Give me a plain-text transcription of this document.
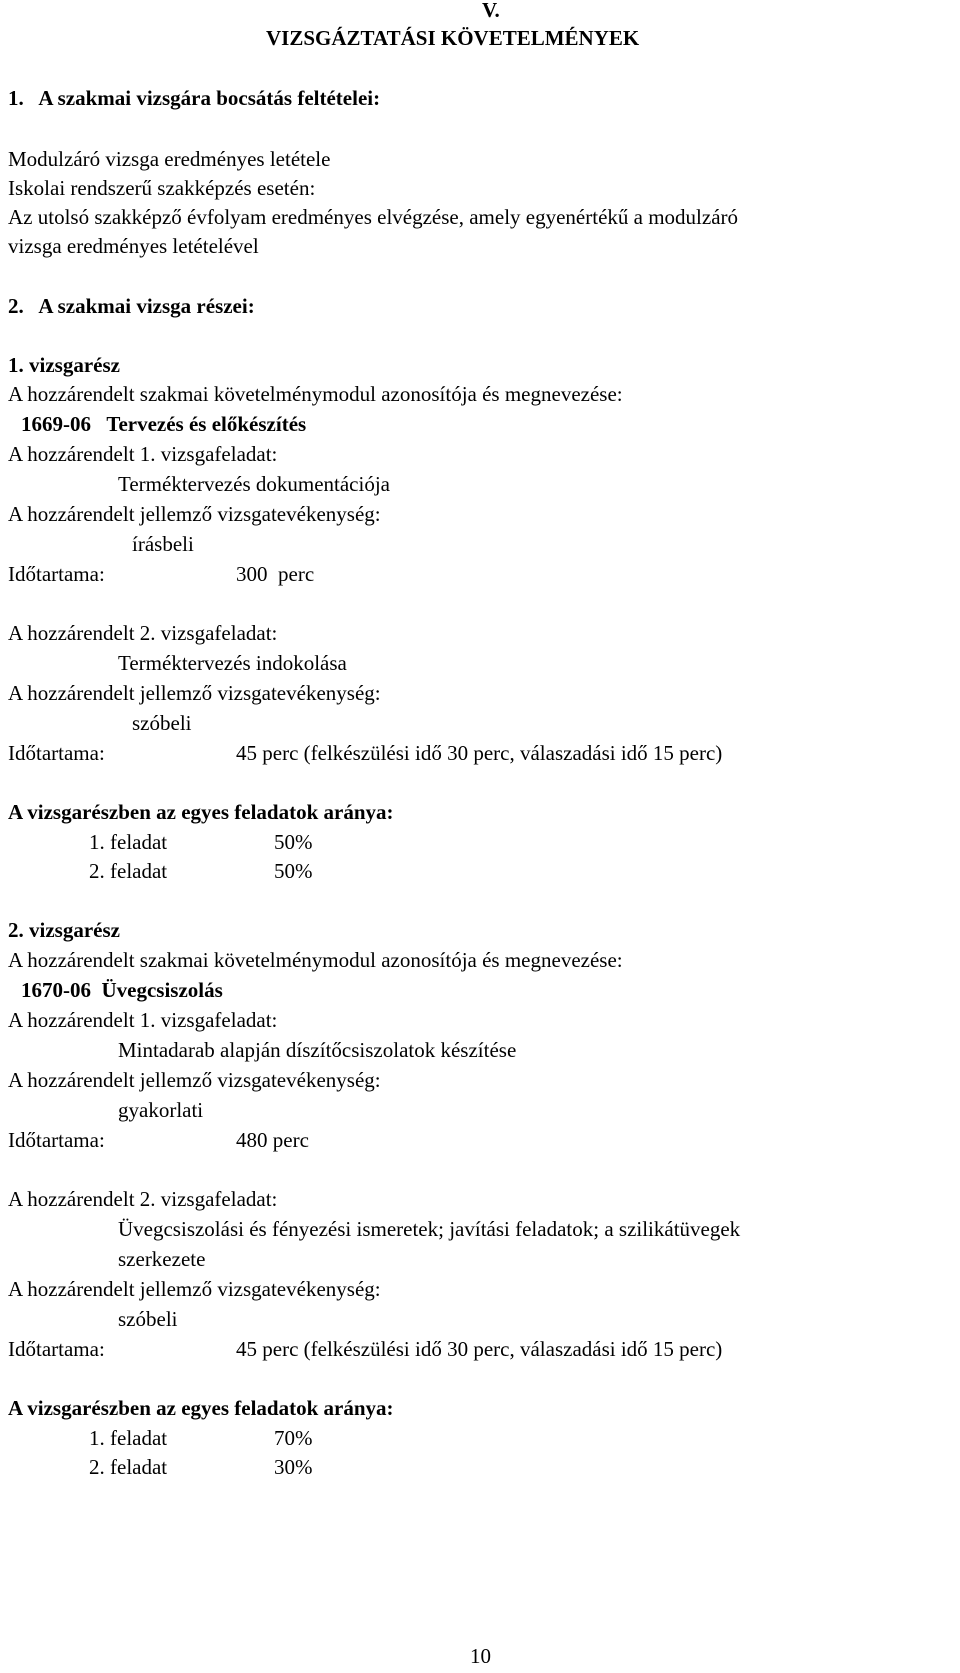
V.
VIZSGÁZTATÁSI KÖVETELMÉNYEK
1.   A szakmai vizsgára bocsátás feltételei:
Modulzáró vizsga eredményes letétele
Iskolai rendszerű szakképzés esetén:
Az utolsó szakképző évfolyam eredményes elvégzése, amely egyenértékű a modulzáró
vizsga eredményes letételével
2.   A szakmai vizsga részei:
1. vizsgarész
A hozzárendelt szakmai követelménymodul azonosítója és megnevezése:
1669-06   Tervezés és előkészítés
A hozzárendelt 1. vizsgafeladat:
Terméktervezés dokumentációja
A hozzárendelt jellemző vizsgatevékenység:
írásbeli
Időtartama:	300  perc
A hozzárendelt 2. vizsgafeladat:
Terméktervezés indokolása
A hozzárendelt jellemző vizsgatevékenység:
szóbeli
Időtartama:	45 perc (felkészülési idő 30 perc, válaszadási idő 15 perc)
A vizsgarészben az egyes feladatok aránya:
1. feladat	50%
2. feladat	50%
2. vizsgarész
A hozzárendelt szakmai követelménymodul azonosítója és megnevezése:
1670-06  Üvegcsiszolás
A hozzárendelt 1. vizsgafeladat:
Mintadarab alapján díszítőcsiszolatok készítése
A hozzárendelt jellemző vizsgatevékenység:
gyakorlati
Időtartama:	480 perc
A hozzárendelt 2. vizsgafeladat:
Üvegcsiszolási és fényezési ismeretek; javítási feladatok; a szilikátüvegek
szerkezete
A hozzárendelt jellemző vizsgatevékenység:
szóbeli
Időtartama:	45 perc (felkészülési idő 30 perc, válaszadási idő 15 perc)
A vizsgarészben az egyes feladatok aránya:
1. feladat	70%
2. feladat	30%
10
